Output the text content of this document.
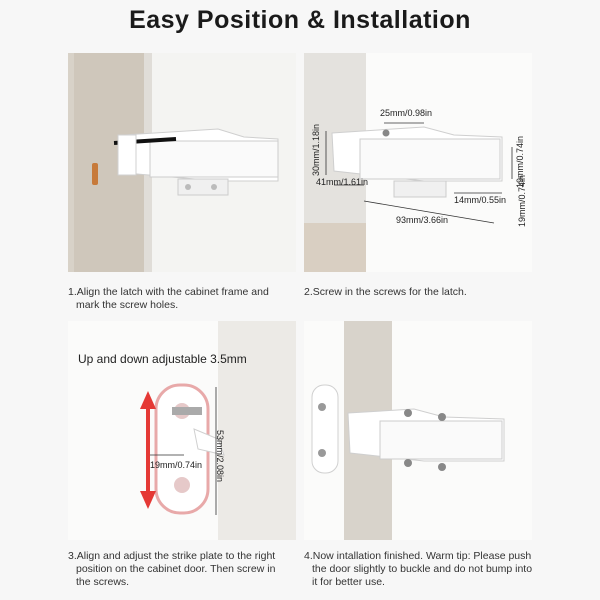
Easy Position & Installation
25mm/0.98in
30mm/1.18in
41mm/1.61in
14mm/0.55in
19mm/0.74in
19mm/0.74in
93mm/3.66in
1.Align the latch with the cabinet frame and
mark the screw holes.
2.Screw in the screws for the latch.
Up and down adjustable 3.5mm
53mm/2.08in
19mm/0.74in
3.Align and adjust the strike plate to the right
position on the cabinet door. Then screw in
the screws.
4.Now intallation finished. Warm tip: Please push
the door slightly to buckle and do not bump into
it for better use.
